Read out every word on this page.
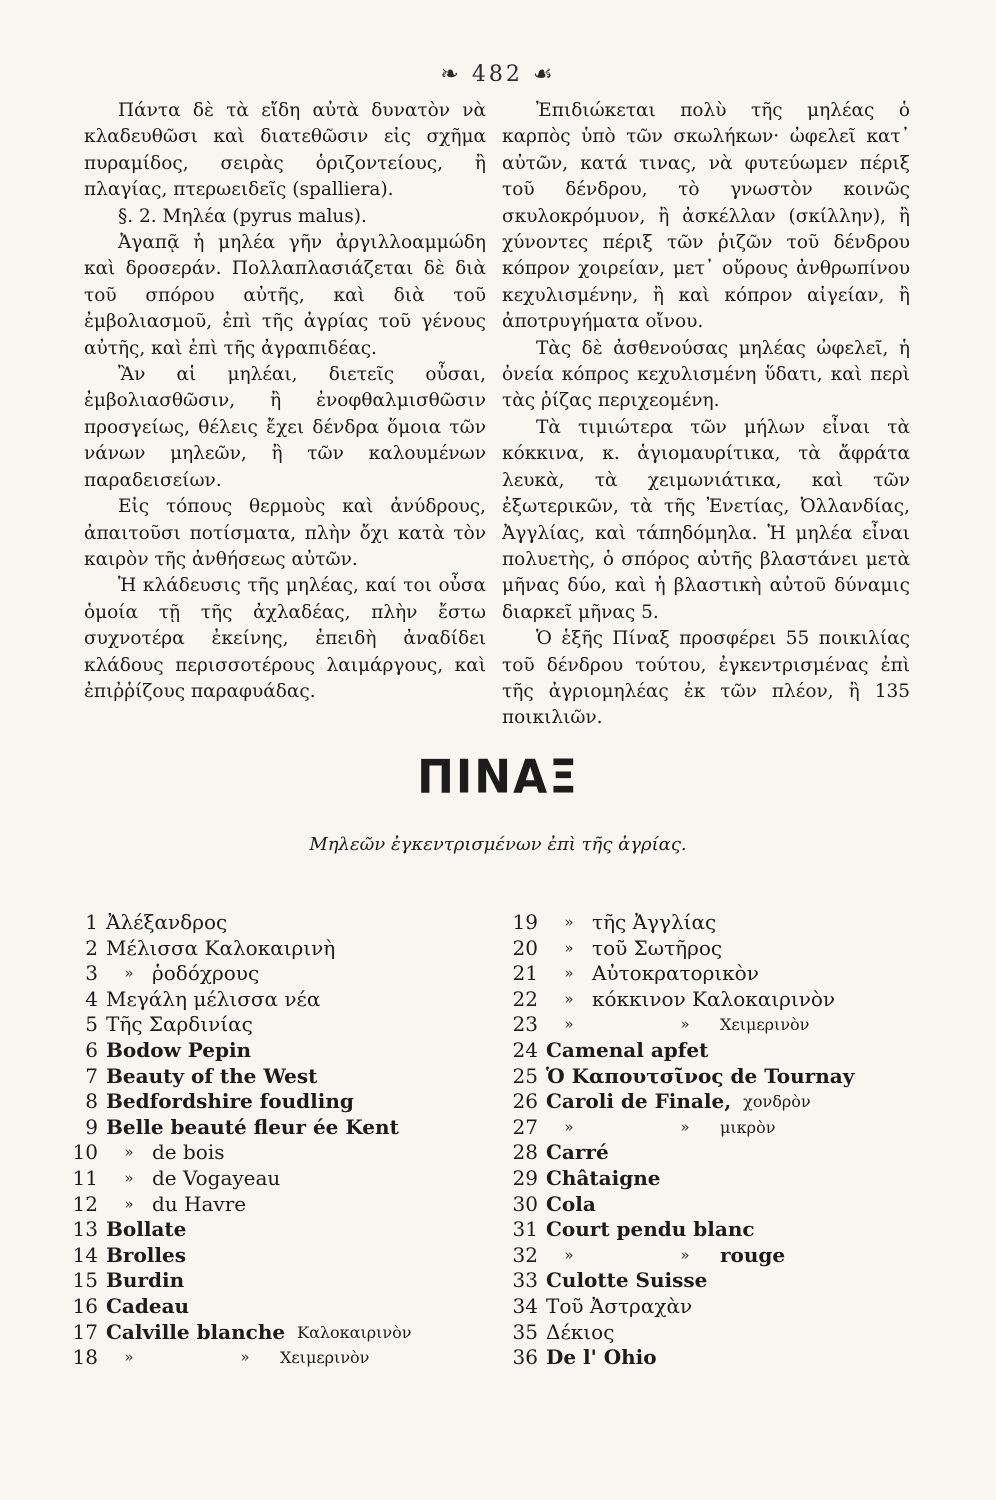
❧ 482 ☙

Πάντα δὲ τὰ εἴδη αὐτὰ δυνατὸν νὰ κλαδευθῶσι καὶ διατεθῶσιν εἰς σχῆμα πυραμίδος, σειρὰς ὁριζοντείους, ἢ πλαγίας, πτερωειδεῖς (spalliera).

§. 2. Μηλέα (pyrus malus).

Ἀγαπᾷ ἡ μηλέα γῆν ἀργιλλοαμμώδη καὶ δροσεράν. Πολλαπλασιάζεται δὲ διὰ τοῦ σπόρου αὐτῆς, καὶ διὰ τοῦ ἐμβολιασμοῦ, ἐπὶ τῆς ἀγρίας τοῦ γένους αὐτῆς, καὶ ἐπὶ τῆς ἀγραπιδέας.

Ἂν αἱ μηλέαι, διετεῖς οὖσαι, ἐμβολιασθῶσιν, ἢ ἐνοφθαλμισθῶσιν προσγείως, θέλεις ἔχει δένδρα ὅμοια τῶν νάνων μηλεῶν, ἢ τῶν καλουμένων παραδεισείων.

Εἰς τόπους θερμοὺς καὶ ἀνύδρους, ἀπαιτοῦσι ποτίσματα, πλὴν ὄχι κατὰ τὸν καιρὸν τῆς ἀνθήσεως αὐτῶν.

Ἡ κλάδευσις τῆς μηλέας, καί τοι οὖσα ὁμοία τῇ τῆς ἀχλαδέας, πλὴν ἔστω συχνοτέρα ἐκείνης, ἐπειδὴ ἀναδίδει κλάδους περισσοτέρους λαιμάργους, καὶ ἐπιῤῥίζους παραφυάδας.

Ἐπιδιώκεται πολὺ τῆς μηλέας ὁ καρπὸς ὑπὸ τῶν σκωλήκων· ὠφελεῖ κατ᾽ αὐτῶν, κατά τινας, νὰ φυτεύωμεν πέριξ τοῦ δένδρου, τὸ γνωστὸν κοινῶς σκυλοκρόμυον, ἢ ἀσκέλλαν (σκίλλην), ἢ χύνοντες πέριξ τῶν ῥιζῶν τοῦ δένδρου κόπρον χοιρείαν, μετ᾽ οὔρους ἀνθρωπίνου κεχυλισμένην, ἢ καὶ κόπρον αἰγείαν, ἢ ἀποτρυγήματα οἴνου.

Τὰς δὲ ἀσθενούσας μηλέας ὠφελεῖ, ἡ ὀνεία κόπρος κεχυλισμένη ὕδατι, καὶ περὶ τὰς ῥίζας περιχεομένη.

Τὰ τιμιώτερα τῶν μήλων εἶναι τὰ κόκκινα, κ. ἁγιομαυρίτικα, τὰ ἄφράτα λευκὰ, τὰ χειμωνιάτικα, καὶ τῶν ἐξωτερικῶν, τὰ τῆς Ἐνετίας, Ὀλλανδίας, Ἀγγλίας, καὶ τάπηδόμηλα. Ἡ μηλέα εἶναι πολυετὴς, ὁ σπόρος αὐτῆς βλαστάνει μετὰ μῆνας δύο, καὶ ἡ βλαστικὴ αὐτοῦ δύναμις διαρκεῖ μῆνας 5.

Ὁ ἑξῆς Πίναξ προσφέρει 55 ποικιλίας τοῦ δένδρου τούτου, ἐγκεντρισμένας ἐπὶ τῆς ἀγριομηλέας ἐκ τῶν πλέον, ἢ 135 ποικιλιῶν.

ΠΙΝΑΞ
Μηλεῶν ἐγκεντρισμένων ἐπὶ τῆς ἀγρίας.
1 Ἀλέξανδρος
2 Μέλισσα Καλοκαιρινὴ
3	» ῥοδόχρους
4 Μεγάλη μέλισσα νέα
5 Τῆς Σαρδινίας
6 Bodow Pepin
7 Beauty of the West
8 Bedfordshire foudling
9 Belle beauté fleur ée Kent
10	» de bois
11	» de Vogayeau
12	» du Havre
13 Bollate
14 Brolles
15 Burdin
16 Cadeau
17 Calville blanche Καλοκαιρινὸν
18	»	»	Χειμερινὸν
19	» τῆς Ἀγγλίας
20	» τοῦ Σωτῆρος
21	» Αὐτοκρατορικὸν
22	» κόκκινον Καλοκαιρινὸν
23	»	»	Χειμερινὸν
24 Camenal apfet
25 Ὁ Καπουτσῖνος de Tournay
26 Caroli de Finale, χονδρὸν
27	»	»	μικρὸν
28 Carré
29 Châtaigne
30 Cola
31 Court pendu blanc
32	»	»	rouge
33 Culotte Suisse
34 Τοῦ Ἀστραχὰν
35 Δέκιος
36 De l' Ohio
